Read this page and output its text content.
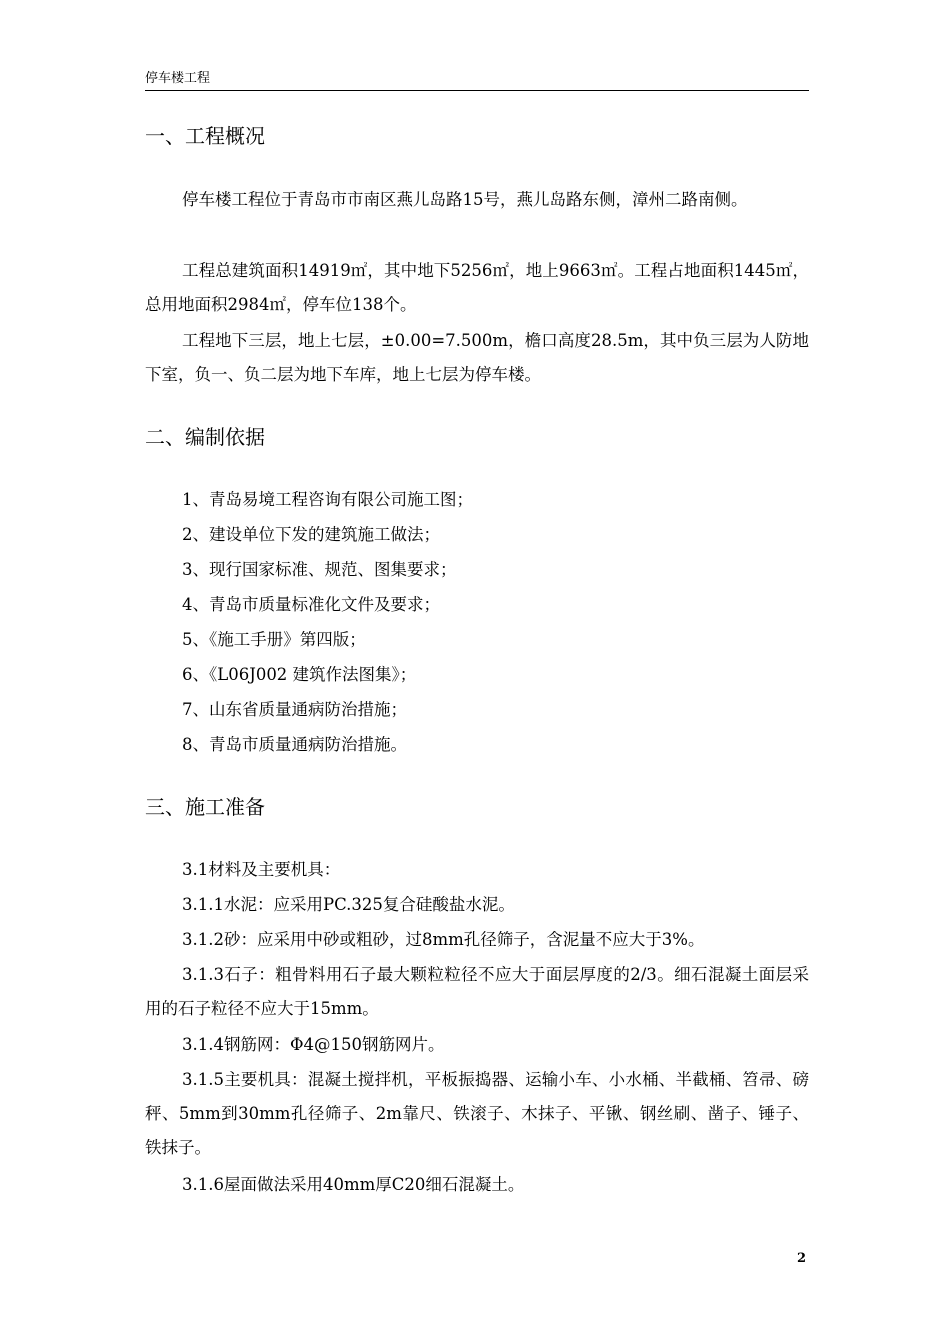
停车楼工程
一、工程概况

停车楼工程位于青岛市市南区燕儿岛路15号，燕儿岛路东侧，漳州二路南侧。

工程总建筑面积14919㎡，其中地下5256㎡，地上9663㎡。工程占地面积1445㎡，总用地面积2984㎡，停车位138个。

工程地下三层，地上七层，±0.00=7.500m，檐口高度28.5m，其中负三层为人防地下室，负一、负二层为地下车库，地上七层为停车楼。

二、编制依据
1、青岛易境工程咨询有限公司施工图；
2、建设单位下发的建筑施工做法；
3、现行国家标准、规范、图集要求；
4、青岛市质量标准化文件及要求；
5、《施工手册》第四版；
6、《L06J002 建筑作法图集》；
7、山东省质量通病防治措施；
8、青岛市质量通病防治措施。
三、施工准备
3.1材料及主要机具：
3.1.1水泥：应采用PC.325复合硅酸盐水泥。
3.1.2砂：应采用中砂或粗砂，过8mm孔径筛子，含泥量不应大于3%。

3.1.3石子：粗骨料用石子最大颗粒粒径不应大于面层厚度的2/3。细石混凝土面层采用的石子粒径不应大于15mm。

3.1.4钢筋网：Φ4@150钢筋网片。

3.1.5主要机具：混凝土搅拌机，平板振捣器、运输小车、小水桶、半截桶、笤帚、磅秤、5mm到30mm孔径筛子、2m靠尺、铁滚子、木抹子、平锹、钢丝刷、凿子、锤子、铁抹子。

3.1.6屋面做法采用40mm厚C20细石混凝土。
2
